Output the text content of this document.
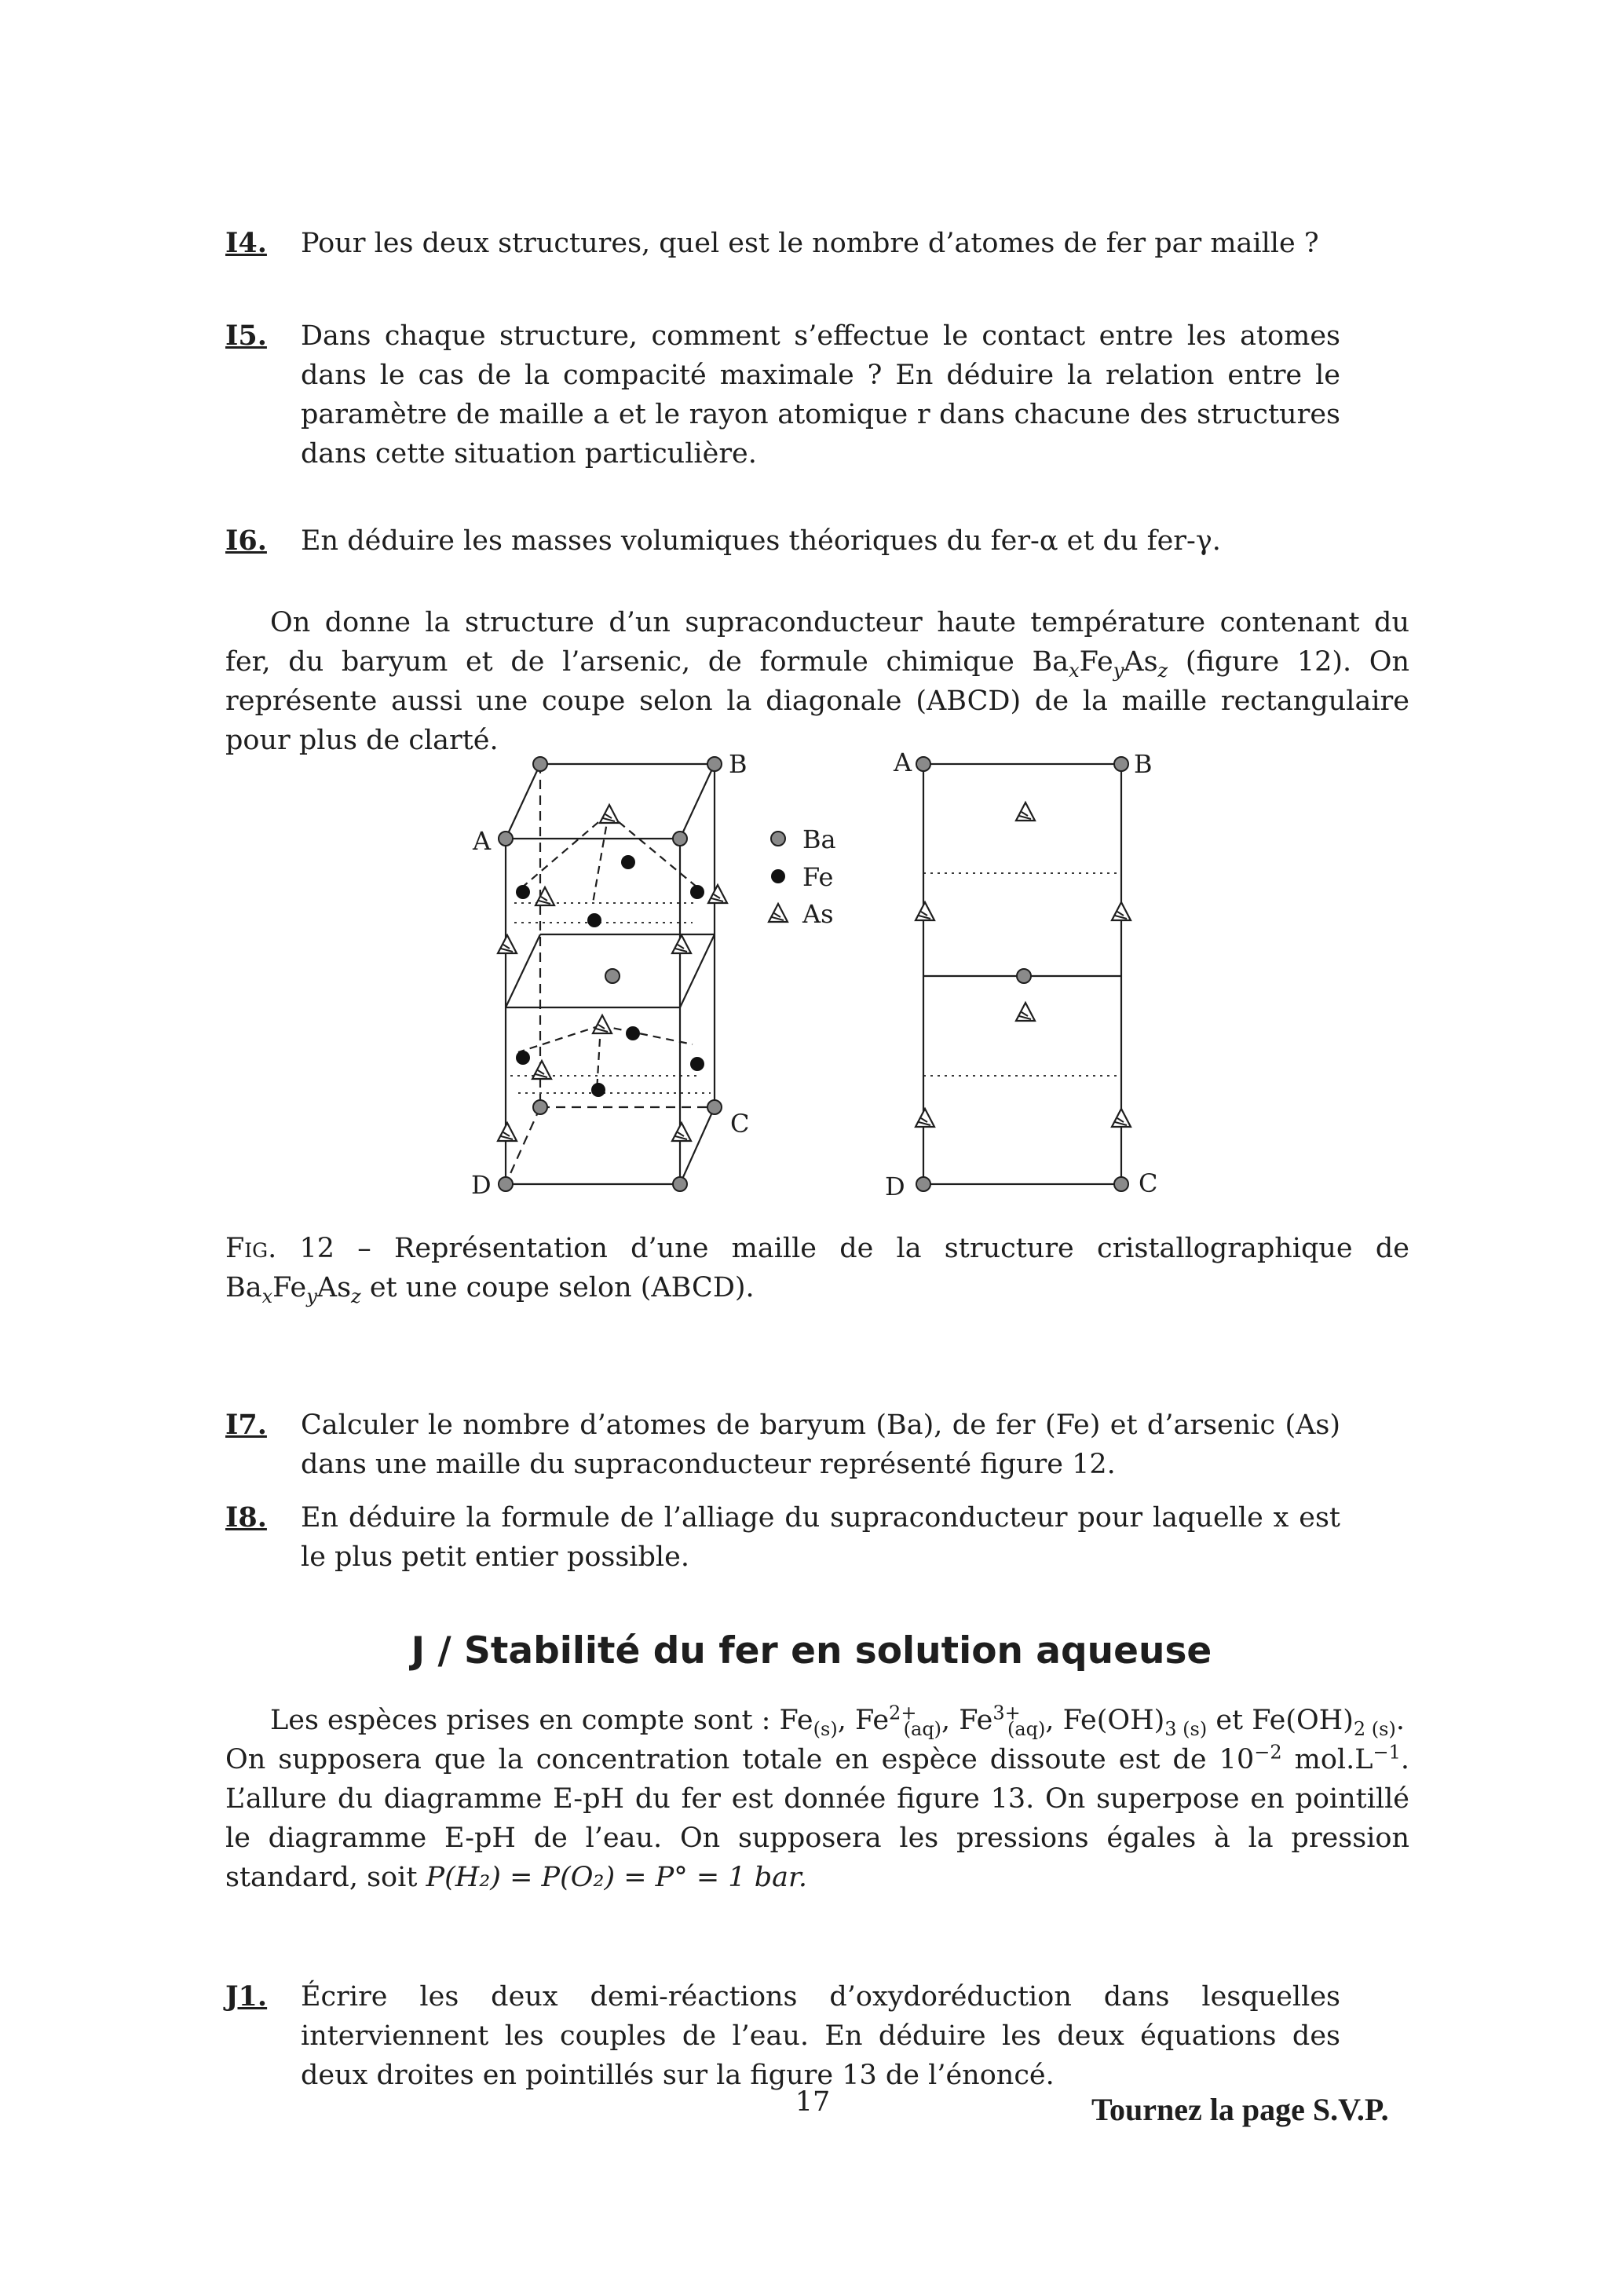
I4. Pour les deux structures, quel est le nombre d’atomes de fer par maille ?
I5. Dans chaque structure, comment s’effectue le contact entre les atomes dans le cas de la compacité maximale ? En déduire la relation entre le paramètre de maille a et le rayon atomique r dans chacune des structures dans cette situation particulière.
I6. En déduire les masses volumiques théoriques du fer-α et du fer-γ.

On donne la structure d’un supraconducteur haute température contenant du fer, du baryum et de l’arsenic, de formule chimique $Ba_xFe_yAs_z$ (figure 12). On représente aussi une coupe selon la diagonale (ABCD) de la maille rectangulaire pour plus de clarté.

A
B
C
D
Ba
Fe
As
A	B
C
D
Fig. 12 – Représentation d’une maille de la structure cristallographique de $Ba_xFe_yAs_z$ et une coupe selon (ABCD).
I7. Calculer le nombre d’atomes de baryum (Ba), de fer (Fe) et d’arsenic (As) dans une maille du supraconducteur représenté figure 12.
I8. En déduire la formule de l’alliage du supraconducteur pour laquelle x est le plus petit entier possible.
J / Stabilité du fer en solution aqueuse

Les espèces prises en compte sont : $Fe_{(s)}$, $Fe^{2+}_{(aq)}$, $Fe^{3+}_{(aq)}$, $Fe(OH)_{3 (s)}$ et $Fe(OH)_{2 (s)}$.

On supposera que la concentration totale en espèce dissoute est de $10^{-2}$ $mol.L^{-1}$. L’allure du diagramme E-pH du fer est donnée figure 13. On superpose en pointillé le diagramme E-pH de l’eau. On supposera les pressions égales à la pression standard, soit P(H₂) = P(O₂) = P° = 1 bar.

J1. Écrire les deux demi-réactions d’oxydoréduction dans lesquelles interviennent les couples de l’eau. En déduire les deux équations des deux droites en pointillés sur la figure 13 de l’énoncé.
17	Tournez la page S.V.P.
